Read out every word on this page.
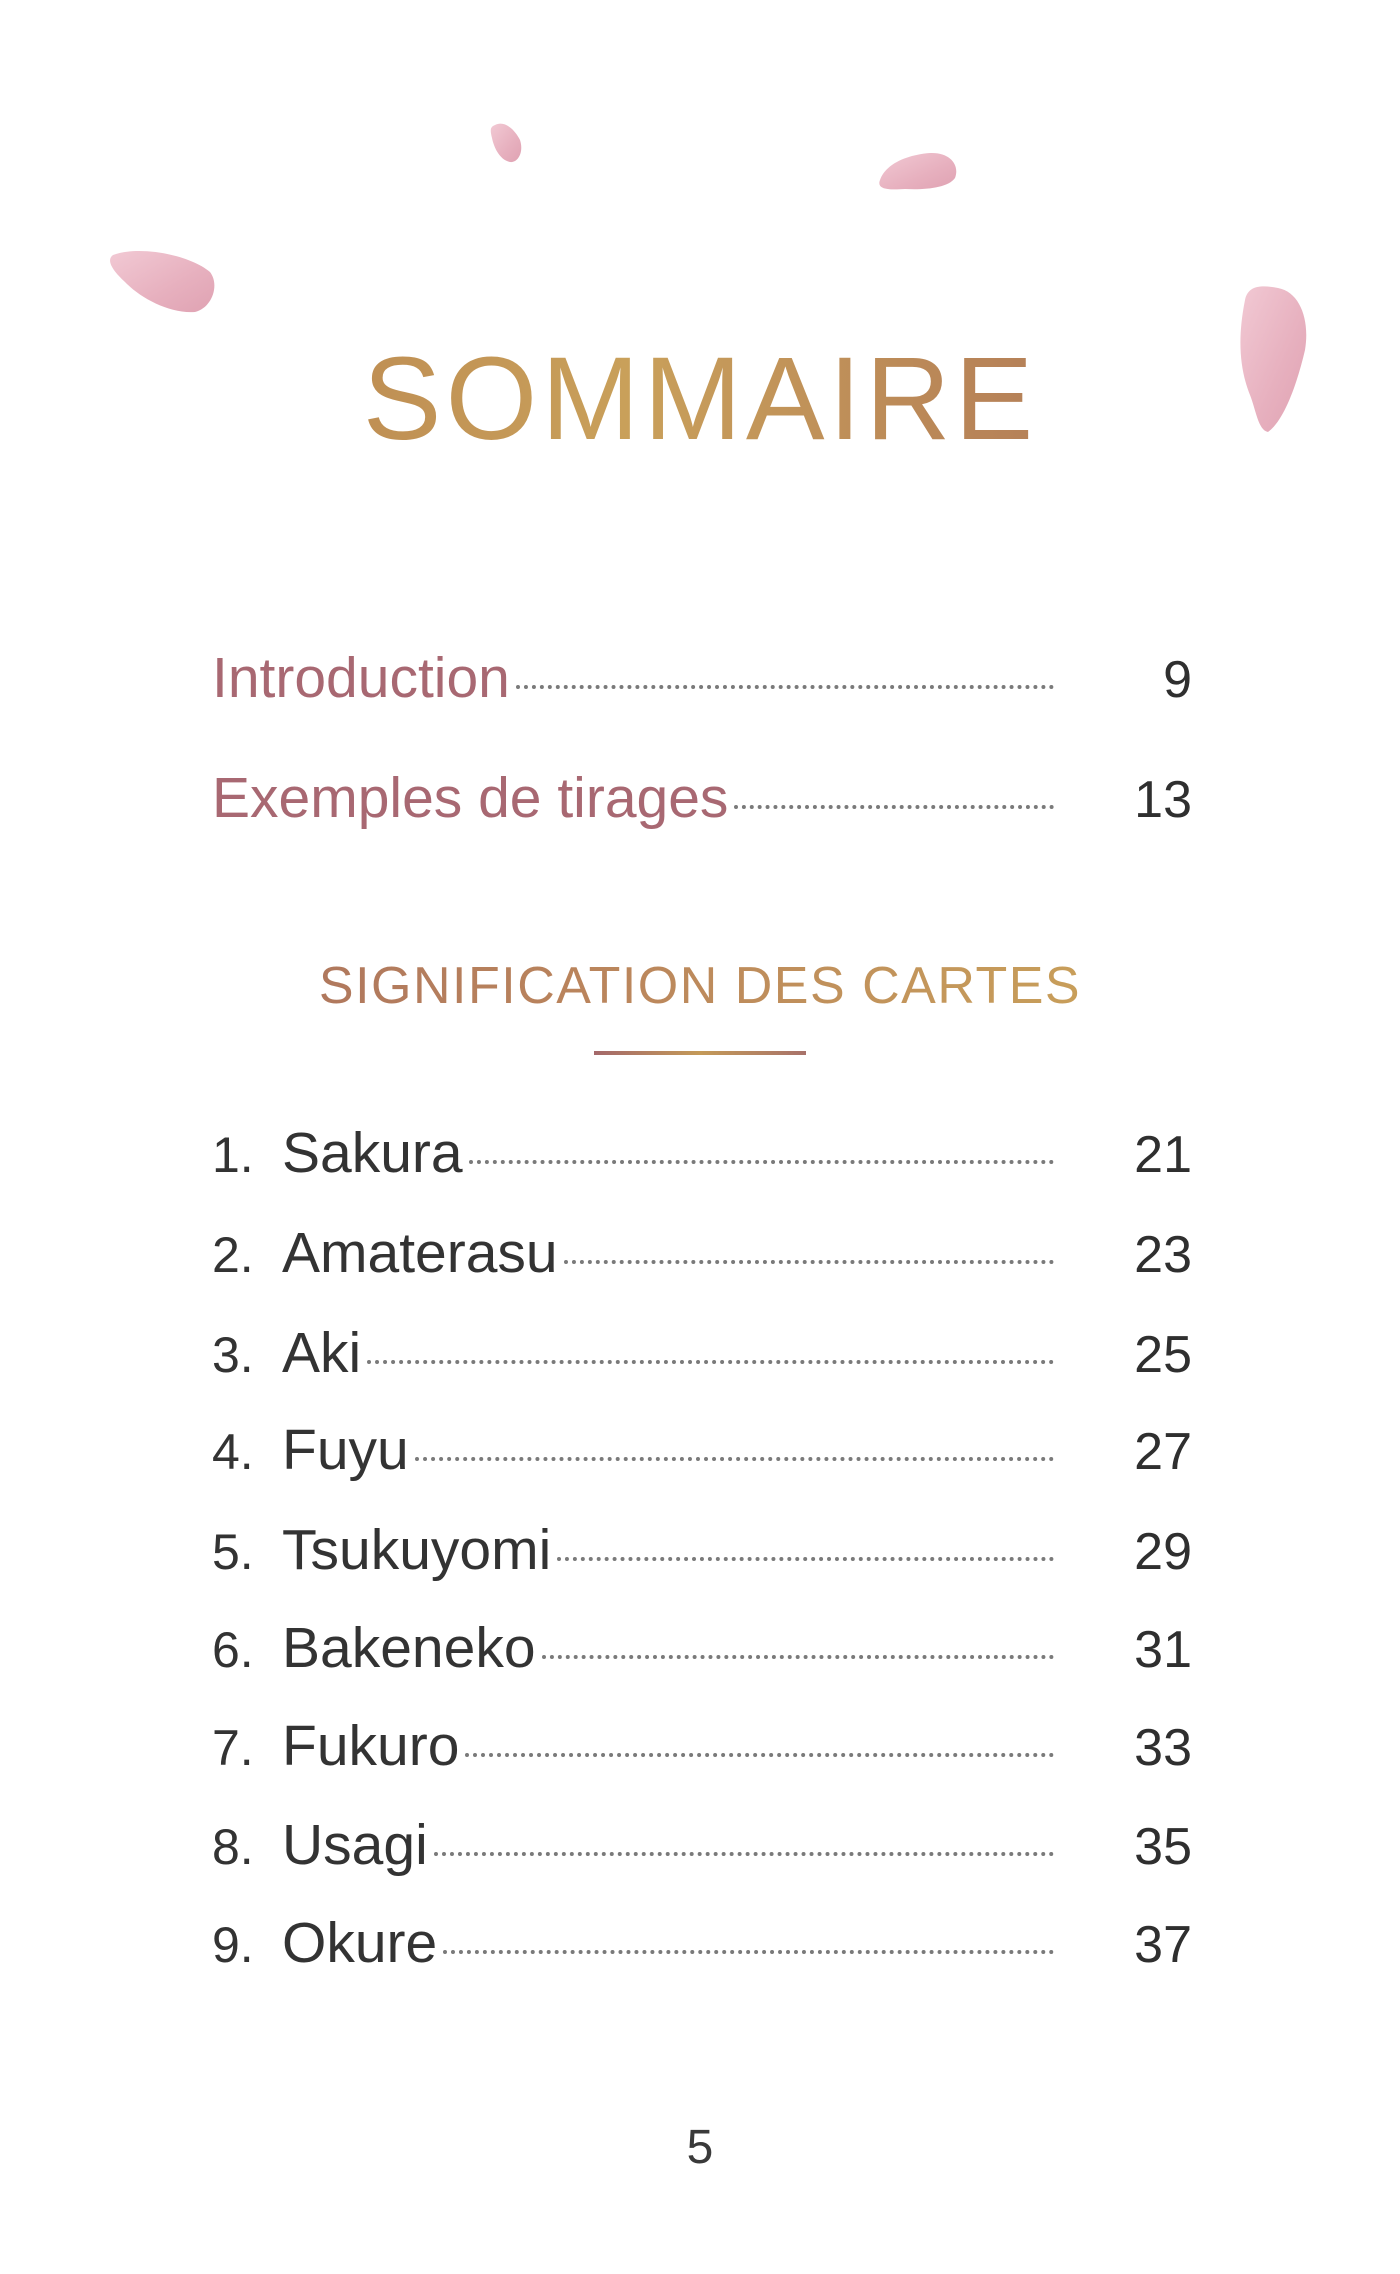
SOMMAIRE
Introduction	9
Exemples de tirages	13
SIGNIFICATION DES CARTES
1. Sakura	21
2. Amaterasu	23
3. Aki	25
4. Fuyu	27
5. Tsukuyomi	29
6. Bakeneko	31
7. Fukuro	33
8. Usagi	35
9. Okure	37
5
